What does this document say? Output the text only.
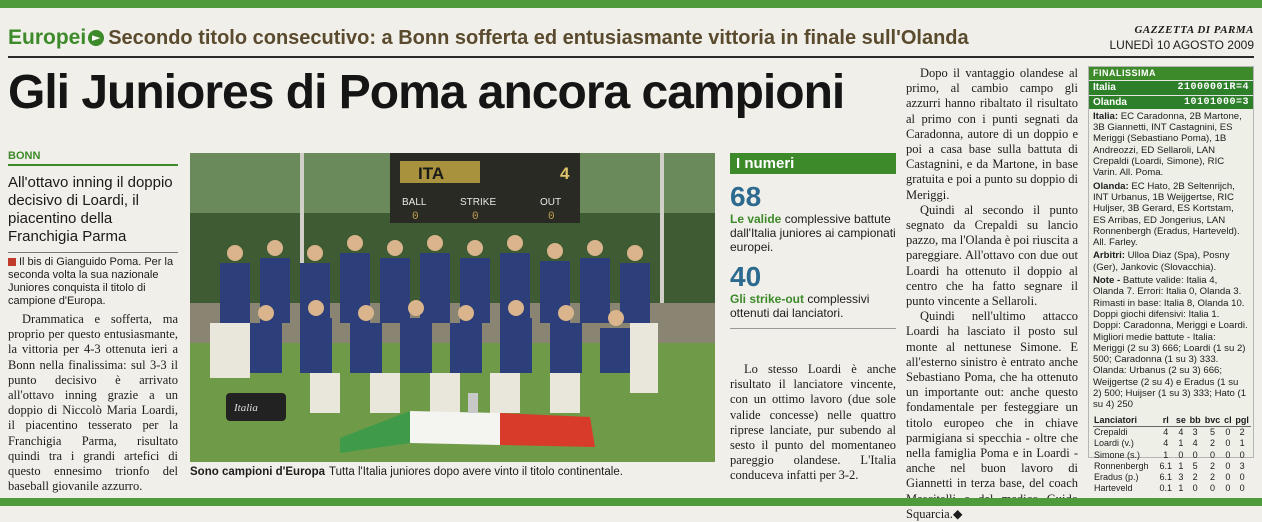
Europei ► Secondo titolo consecutivo: a Bonn sofferta ed entusiasmante vittoria in finale sull'Olanda	GAZZETTA DI PARMA
LUNEDÌ 10 AGOSTO 2009
Gli Juniores di Poma ancora campioni
BONN
All'ottavo inning il doppio decisivo di Loardi, il piacentino della Franchigia Parma
Il bis di Gianguido Poma. Per la seconda volta la sua nazionale Juniores conquista il titolo di campione d'Europa.

Drammatica e sofferta, ma proprio per questo entusiasmante, la vittoria per 4-3 ottenuta ieri a Bonn nella finalissima: sul 3-3 il punto decisivo è arrivato all'ottavo inning grazie a un doppio di Niccolò Maria Loardi, il piacentino tesserato per la Franchigia Parma, risultato quindi tra i grandi artefici di questo ennesimo trionfo del baseball giovanile azzurro.

ITA	4
BALL	STRIKE	OUT
0	0	0
Italia
Sono campioni d'Europa Tutta l'Italia juniores dopo avere vinto il titolo continentale.
I numeri
68
Le valide complessive battute dall'Italia juniores ai campionati europei.
40
Gli strike-out complessivi ottenuti dai lanciatori.

Lo stesso Loardi è anche risultato il lanciatore vincente, con un ottimo lavoro (due sole valide concesse) nelle quattro riprese lanciate, pur subendo al sesto il punto del momentaneo pareggio olandese. L'Italia conduceva infatti per 3-2.

Dopo il vantaggio olandese al primo, al cambio campo gli azzurri hanno ribaltato il risultato al primo con i punti segnati da Caradonna, autore di un doppio e poi a casa base sulla battuta di Castagnini, e da Martone, in base gratuita e poi a punto su doppio di Meriggi.

Quindi al secondo il punto segnato da Crepaldi su lancio pazzo, ma l'Olanda è poi riuscita a pareggiare. All'ottavo con due out Loardi ha ottenuto il doppio al centro che ha fatto segnare il punto vincente a Sellaroli.

Quindi nell'ultimo attacco Loardi ha lasciato il posto sul monte al nettunese Simone. E all'esterno sinistro è entrato anche Sebastiano Poma, che ha ottenuto un importante out: anche questo fondamentale per festeggiare un titolo europeo che in chiave parmigiana si specchia - oltre che nella famiglia Poma e in Loardi - anche nel buon lavoro di Giannetti in terza base, del coach Squarcia.◆

FINALISSIMA
Italia	21000001R=4
Olanda	10101000=3
Italia: EC Caradonna, 2B Martone, 3B Giannetti, INT Castagnini, ES Meriggi (Sebastiano Poma), 1B Andreozzi, ED Sellaroli, LAN Crepaldi (Loardi, Simone), RIC Varin. All. Poma.
Olanda: EC Hato, 2B Seltenrijch, INT Urbanus, 1B Weijgertse, RIC Huljser, 3B Gerard, ES Kortstam, ES Arribas, ED Jongerius, LAN Ronnenbergh (Eradus, Harteveld). All. Farley.
Arbitri: Ulloa Diaz (Spa), Posny (Ger), Jankovic (Slovacchia).
Note - Battute valide: Italia 4, Olanda 7. Errori: Italia 0, Olanda 3. Rimasti in base: Italia 8, Olanda 10. Doppi giochi difensivi: Italia 1. Doppi: Caradonna, Meriggi e Loardi. Migliori medie battute - Italia: Meriggi (2 su 3) 666; Loardi (1 su 2) 500; Caradonna (1 su 3) 333. Olanda: Urbanus (2 su 3) 666; Weijgertse (2 su 4) e Eradus (1 su 2) 500; Huijser (1 su 3) 333; Hato (1 su 4) 250
Lanciatori	rl	se	bb	bvc	cl	pgl
Crepaldi	4	4	3	5	0	2
Loardi (v.)	4	1	4	2	0	1
Simone (s.)	1	0	0	0	0	0
Ronnenbergh	6.1	1	5	2	0	3
Eradus (p.)	6.1	3	2	2	0	0
Harteveld	0.1	1	0	0	0	0
